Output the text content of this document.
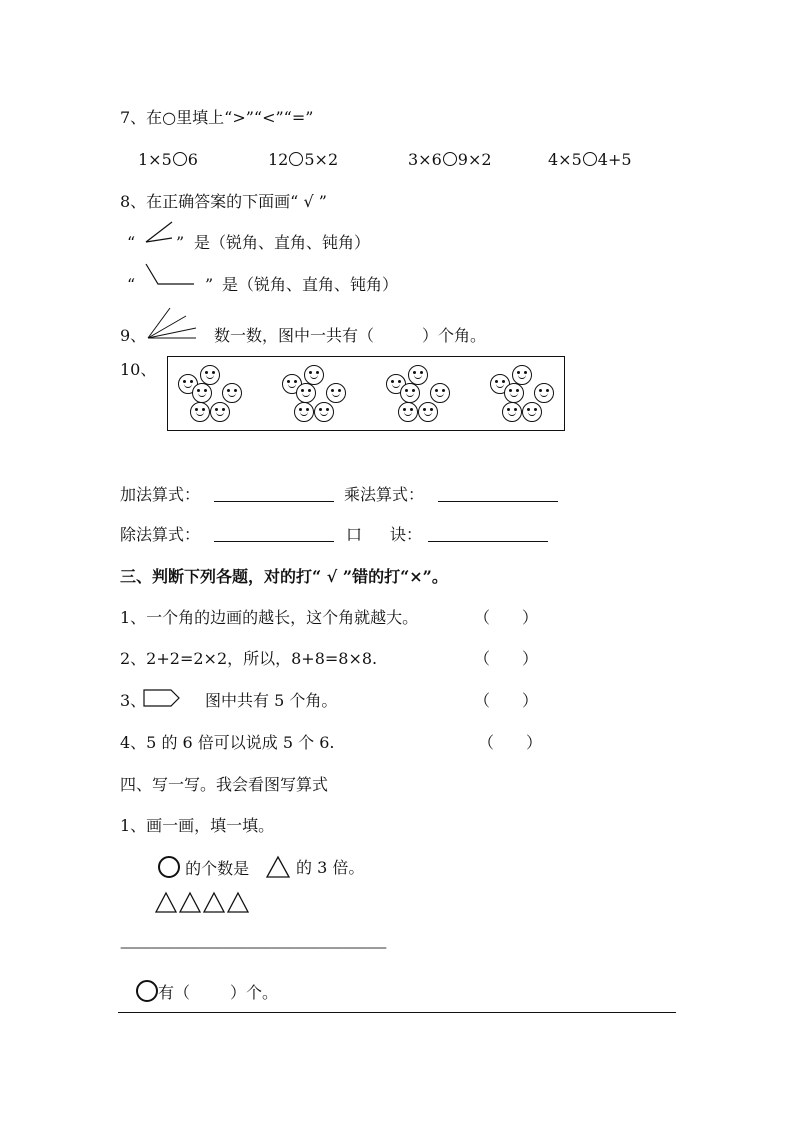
7、在○里填上“>”“<”“=”
1×5 6	12 5×2	3×6 9×2	4×5 4+5
8、在正确答案的下面画“ √ ”
“	” 是（锐角、直角、钝角）
“	” 是（锐角、直角、钝角）
9、	数一数，图中一共有（　　　）个角。
10、
加法算式：	乘法算式：
除法算式：	口 诀：
三、判断下列各题，对的打“ √ ”错的打“×”。
1、一个角的边画的越长，这个角就越大。	（　　）
2、2+2=2×2，所以，8+8=8×8.	（　　）
3、	图中共有 5 个角。	（　　）
4、5 的 6 倍可以说成 5 个 6.	（　　）
四、写一写。我会看图写算式
1、画一画，填一填。
的个数是	的 3 倍。
——————————————————————
有（	）个。
